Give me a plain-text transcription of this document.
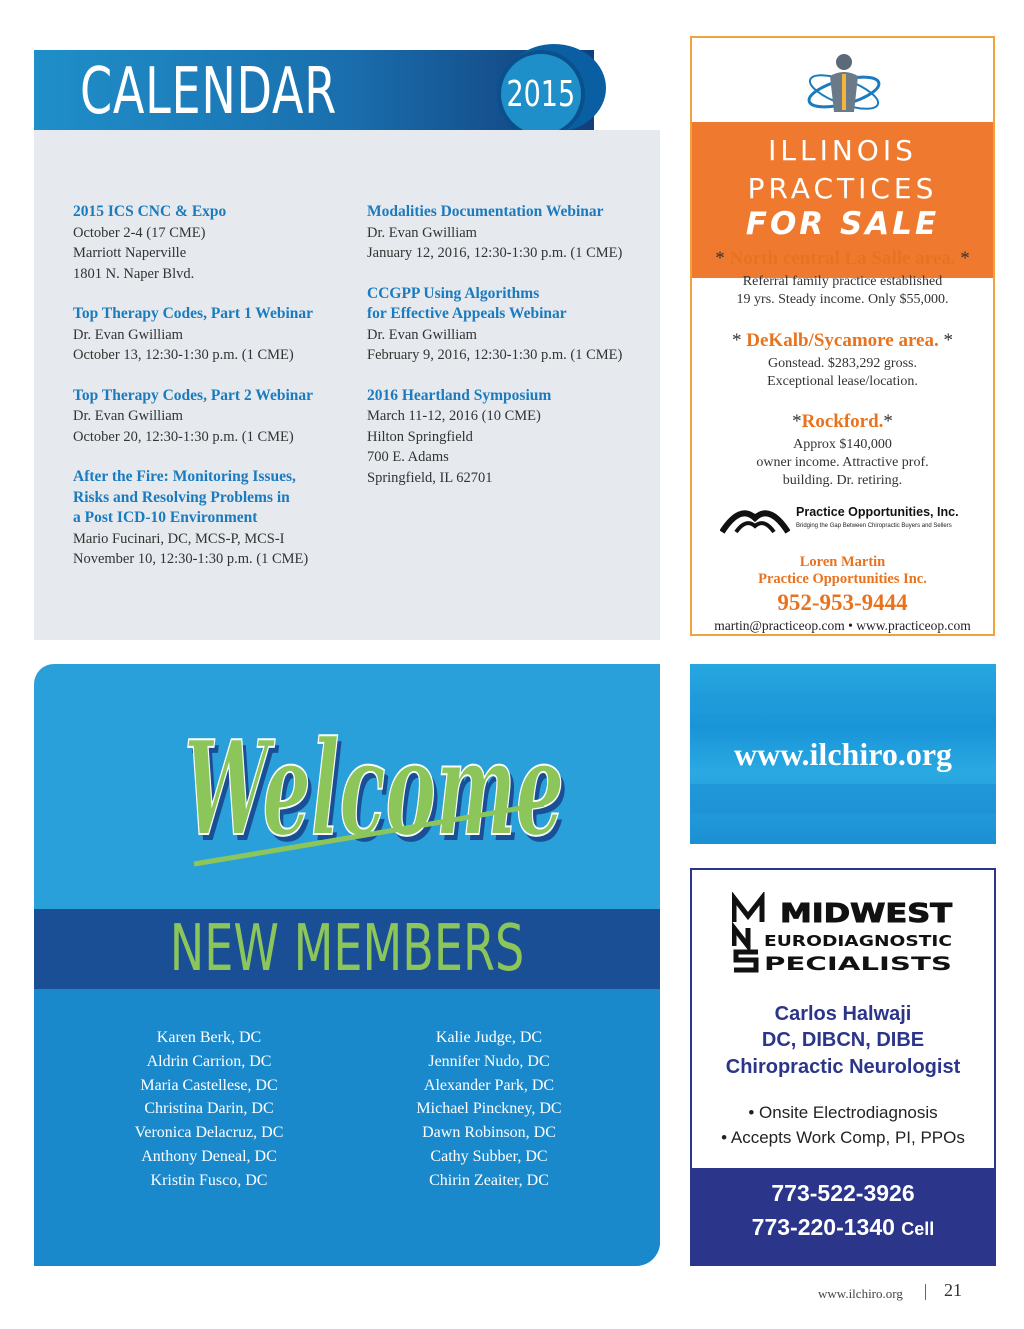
CALENDAR	2015
2015 ICS CNC & Expo
October 2-4 (17 CME)
Marriott Naperville
1801 N. Naper Blvd.
Top Therapy Codes, Part 1 Webinar
Dr. Evan Gwilliam
October 13, 12:30-1:30 p.m. (1 CME)
Top Therapy Codes, Part 2 Webinar
Dr. Evan Gwilliam
October 20, 12:30-1:30 p.m. (1 CME)
After the Fire: Monitoring Issues,
Risks and Resolving Problems in
a Post ICD-10 Environment
Mario Fucinari, DC, MCS-P, MCS-I
November 10, 12:30-1:30 p.m. (1 CME)
Modalities Documentation Webinar
Dr. Evan Gwilliam
January 12, 2016, 12:30-1:30 p.m. (1 CME)
CCGPP Using Algorithms
for Effective Appeals Webinar
Dr. Evan Gwilliam
February 9, 2016, 12:30-1:30 p.m. (1 CME)
2016 Heartland Symposium
March 11-12, 2016 (10 CME)
Hilton Springfield
700 E. Adams
Springfield, IL 62701
ILLINOIS
PRACTICES
FOR SALE
* North central La Salle area. *
Referral family practice established
19 yrs. Steady income. Only $55,000.
* DeKalb/Sycamore area. *
Gonstead. $283,292 gross.
Exceptional lease/location.
*Rockford.*
Approx $140,000
owner income. Attractive prof.
building. Dr. retiring.
Practice Opportunities, Inc.
Bridging the Gap Between Chiropractic Buyers and Sellers
Loren Martin
Practice Opportunities Inc.
952-953-9444
martin@practiceop.com • www.practiceop.com
www.ilchiro.org
MIDWEST
EURODIAGNOSTIC
PECIALISTS
Carlos Halwaji
DC, DIBCN, DIBE
Chiropractic Neurologist
• Onsite Electrodiagnosis
• Accepts Work Comp, PI, PPOs
773-522-3926
773-220-1340 Cell
Welcome
Welcome
NEW MEMBERS
Karen Berk, DC
Aldrin Carrion, DC
Maria Castellese, DC
Christina Darin, DC
Veronica Delacruz, DC
Anthony Deneal, DC
Kristin Fusco, DC
Kalie Judge, DC
Jennifer Nudo, DC
Alexander Park, DC
Michael Pinckney, DC
Dawn Robinson, DC
Cathy Subber, DC
Chirin Zeaiter, DC
www.ilchiro.org 21
